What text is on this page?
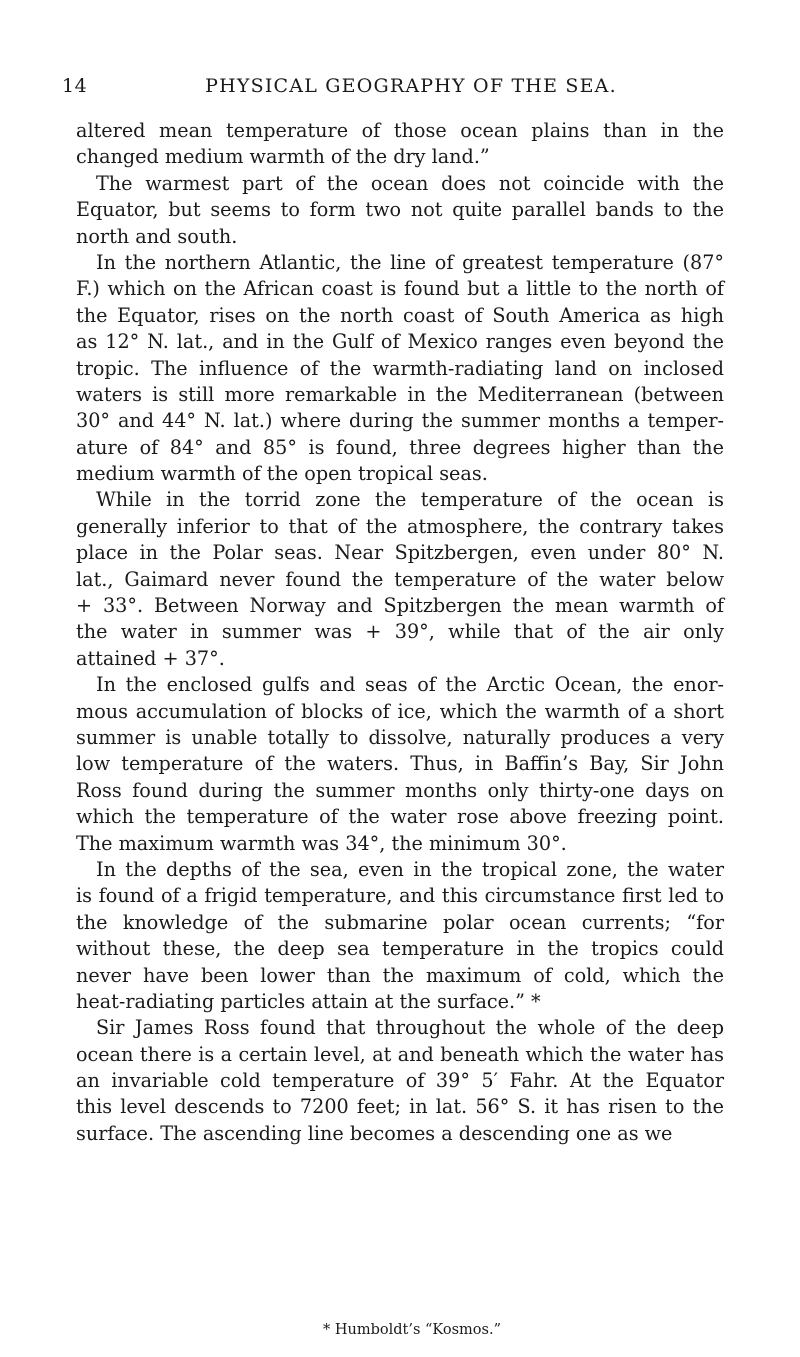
14	PHYSICAL GEOGRAPHY OF THE SEA.
altered mean temperature of those ocean plains than in the
changed medium warmth of the dry land.”
The warmest part of the ocean does not coincide with the
Equator, but seems to form two not quite parallel bands to the
north and south.
In the northern Atlantic, the line of greatest temperature (87°
F.) which on the African coast is found but a little to the north of
the Equator, rises on the north coast of South America as high
as 12° N. lat., and in the Gulf of Mexico ranges even beyond the
tropic. The influence of the warmth-radiating land on inclosed
waters is still more remarkable in the Mediterranean (between
30° and 44° N. lat.) where during the summer months a temper-
ature of 84° and 85° is found, three degrees higher than the
medium warmth of the open tropical seas.
While in the torrid zone the temperature of the ocean is
generally inferior to that of the atmosphere, the contrary takes
place in the Polar seas. Near Spitzbergen, even under 80° N.
lat., Gaimard never found the temperature of the water below
+ 33°. Between Norway and Spitzbergen the mean warmth of
the water in summer was + 39°, while that of the air only
attained + 37°.
In the enclosed gulfs and seas of the Arctic Ocean, the enor-
mous accumulation of blocks of ice, which the warmth of a short
summer is unable totally to dissolve, naturally produces a very
low temperature of the waters. Thus, in Baffin’s Bay, Sir John
Ross found during the summer months only thirty-one days on
which the temperature of the water rose above freezing point.
The maximum warmth was 34°, the minimum 30°.
In the depths of the sea, even in the tropical zone, the water
is found of a frigid temperature, and this circumstance first led to
the knowledge of the submarine polar ocean currents; “for
without these, the deep sea temperature in the tropics could
never have been lower than the maximum of cold, which the
heat-radiating particles attain at the surface.” *
Sir James Ross found that throughout the whole of the deep
ocean there is a certain level, at and beneath which the water has
an invariable cold temperature of 39° 5′ Fahr. At the Equator
this level descends to 7200 feet; in lat. 56° S. it has risen to the
surface. The ascending line becomes a descending one as we
* Humboldt’s “Kosmos.”
